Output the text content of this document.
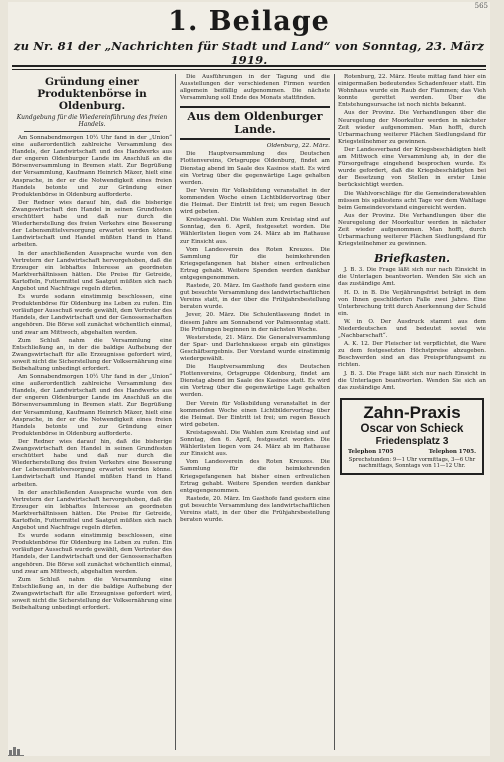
565
1. Beilage
zu Nr. 81 der „Nachrichten für Stadt und Land“ von Sonntag, 23. März 1919.
Gründung einer Produktenbörse in Oldenburg.
Kundgebung für die Wiedereinführung des freien Handels.

Am Sonnabendmorgen 10½ Uhr fand in der „Union“ eine außerordentlich zahlreiche Versammlung des Handels, der Landwirtschaft und des Handwerks aus der engeren Oldenburger Lande im Anschluß an die Börsenversammlung in Bremen statt. Zur Begrüßung der Versammlung, Kaufmann Heinrich Mäzer, hielt eine Ansprache, in der er die Notwendigkeit eines freien Handels betonte und zur Gründung einer Produktenbörse in Oldenburg aufforderte.

Der Redner wies darauf hin, daß die bisherige Zwangswirtschaft den Handel in seinen Grundfesten erschüttert habe und daß nur durch die Wiederherstellung des freien Verkehrs eine Besserung der Lebensmittelversorgung erwartet werden könne. Landwirtschaft und Handel müßten Hand in Hand arbeiten.

In der anschließenden Aussprache wurde von den Vertretern der Landwirtschaft hervorgehoben, daß die Erzeuger ein lebhaftes Interesse an geordneten Marktverhältnissen hätten. Die Preise für Getreide, Kartoffeln, Futtermittel und Saatgut müßten sich nach Angebot und Nachfrage regeln dürfen.

Es wurde sodann einstimmig beschlossen, eine Produktenbörse für Oldenburg ins Leben zu rufen. Ein vorläufiger Ausschuß wurde gewählt, dem Vertreter des Handels, der Landwirtschaft und der Genossenschaften angehören. Die Börse soll zunächst wöchentlich einmal, und zwar am Mittwoch, abgehalten werden.

Zum Schluß nahm die Versammlung eine Entschließung an, in der die baldige Aufhebung der Zwangswirtschaft für alle Erzeugnisse gefordert wird, soweit nicht die Sicherstellung der Volksernährung eine Beibehaltung unbedingt erfordert.

Am Sonnabendmorgen 10½ Uhr fand in der „Union“ eine außerordentlich zahlreiche Versammlung des Handels, der Landwirtschaft und des Handwerks aus der engeren Oldenburger Lande im Anschluß an die Börsenversammlung in Bremen statt. Zur Begrüßung der Versammlung, Kaufmann Heinrich Mäzer, hielt eine Ansprache, in der er die Notwendigkeit eines freien Handels betonte und zur Gründung einer Produktenbörse in Oldenburg aufforderte.

Der Redner wies darauf hin, daß die bisherige Zwangswirtschaft den Handel in seinen Grundfesten erschüttert habe und daß nur durch die Wiederherstellung des freien Verkehrs eine Besserung der Lebensmittelversorgung erwartet werden könne. Landwirtschaft und Handel müßten Hand in Hand arbeiten.

In der anschließenden Aussprache wurde von den Vertretern der Landwirtschaft hervorgehoben, daß die Erzeuger ein lebhaftes Interesse an geordneten Marktverhältnissen hätten. Die Preise für Getreide, Kartoffeln, Futtermittel und Saatgut müßten sich nach Angebot und Nachfrage regeln dürfen.

Es wurde sodann einstimmig beschlossen, eine Produktenbörse für Oldenburg ins Leben zu rufen. Ein vorläufiger Ausschuß wurde gewählt, dem Vertreter des Handels, der Landwirtschaft und der Genossenschaften angehören. Die Börse soll zunächst wöchentlich einmal, und zwar am Mittwoch, abgehalten werden.

Zum Schluß nahm die Versammlung eine Entschließung an, in der die baldige Aufhebung der Zwangswirtschaft für alle Erzeugnisse gefordert wird, soweit nicht die Sicherstellung der Volksernährung eine Beibehaltung unbedingt erfordert.

Die Ausführungen in der Tagung und die Ausstellungen der verschiedenen Firmen wurden allgemein beifällig aufgenommen. Die nächste Versammlung soll Ende des Monats stattfinden.

Aus dem Oldenburger Lande.
Oldenburg, 22. März.

Die Hauptversammlung des Deutschen Flottenvereins, Ortsgruppe Oldenburg, findet am Dienstag abend im Saale des Kasinos statt. Es wird ein Vortrag über die gegenwärtige Lage gehalten werden.

Der Verein für Volksbildung veranstaltet in der kommenden Woche einen Lichtbildervortrag über die Heimat. Der Eintritt ist frei; um regen Besuch wird gebeten.

Kreistagswahl. Die Wahlen zum Kreistag sind auf Sonntag, den 6. April, festgesetzt worden. Die Wählerlisten liegen vom 24. März ab im Rathause zur Einsicht aus.

Vom Landesverein des Roten Kreuzes. Die Sammlung für die heimkehrenden Kriegsgefangenen hat bisher einen erfreulichen Ertrag gehabt. Weitere Spenden werden dankbar entgegengenommen.

Rastede, 20. März. Im Gasthofe fand gestern eine gut besuchte Versammlung des landwirtschaftlichen Vereins statt, in der über die Frühjahrsbestellung beraten wurde.

Jever, 20. März. Die Schulentlassung findet in diesem Jahre am Sonnabend vor Palmsonntag statt. Die Prüfungen beginnen in der nächsten Woche.

Westerstede, 21. März. Die Generalversammlung der Spar- und Darlehnskasse ergab ein günstiges Geschäftsergebnis. Der Vorstand wurde einstimmig wiedergewählt.

Die Hauptversammlung des Deutschen Flottenvereins, Ortsgruppe Oldenburg, findet am Dienstag abend im Saale des Kasinos statt. Es wird ein Vortrag über die gegenwärtige Lage gehalten werden.

Der Verein für Volksbildung veranstaltet in der kommenden Woche einen Lichtbildervortrag über die Heimat. Der Eintritt ist frei; um regen Besuch wird gebeten.

Kreistagswahl. Die Wahlen zum Kreistag sind auf Sonntag, den 6. April, festgesetzt worden. Die Wählerlisten liegen vom 24. März ab im Rathause zur Einsicht aus.

Vom Landesverein des Roten Kreuzes. Die Sammlung für die heimkehrenden Kriegsgefangenen hat bisher einen erfreulichen Ertrag gehabt. Weitere Spenden werden dankbar entgegengenommen.

Rastede, 20. März. Im Gasthofe fand gestern eine gut besuchte Versammlung des landwirtschaftlichen Vereins statt, in der über die Frühjahrsbestellung beraten wurde.

Rotenburg, 22. März. Heute mittag fand hier ein einigermaßen bedeutendes Schadenfeuer statt. Ein Wohnhaus wurde ein Raub der Flammen; das Vieh konnte gerettet werden. Über die Entstehungsursache ist noch nichts bekannt.

Aus der Provinz. Die Verhandlungen über die Neuregelung der Moorkultur werden in nächster Zeit wieder aufgenommen. Man hofft, durch Urbarmachung weiterer Flächen Siedlungsland für Kriegsteilnehmer zu gewinnen.

Der Landesverband der Kriegsbeschädigten hielt am Mittwoch eine Versammlung ab, in der die Fürsorgefrage eingehend besprochen wurde. Es wurde gefordert, daß die Kriegsbeschädigten bei der Besetzung von Stellen in erster Linie berücksichtigt werden.

Die Wahlvorschläge für die Gemeinderatswahlen müssen bis spätestens acht Tage vor dem Wahltage beim Gemeindevorstand eingereicht werden.

Aus der Provinz. Die Verhandlungen über die Neuregelung der Moorkultur werden in nächster Zeit wieder aufgenommen. Man hofft, durch Urbarmachung weiterer Flächen Siedlungsland für Kriegsteilnehmer zu gewinnen.

Briefkasten.

J. B. 3. Die Frage läßt sich nur nach Einsicht in die Unterlagen beantworten. Wenden Sie sich an das zuständige Amt.

H. D. in B. Die Verjährungsfrist beträgt in dem von Ihnen geschilderten Falle zwei Jahre. Eine Unterbrechung tritt durch Anerkennung der Schuld ein.

W. in O. Der Ausdruck stammt aus dem Niederdeutschen und bedeutet soviel wie „Nachbarschaft“.

A. K. 12. Der Fleischer ist verpflichtet, die Ware zu dem festgesetzten Höchstpreise abzugeben. Beschwerden sind an das Preisprüfungsamt zu richten.

J. B. 3. Die Frage läßt sich nur nach Einsicht in die Unterlagen beantworten. Wenden Sie sich an das zuständige Amt.

Zahn-Praxis
Oscar von Schieck
Friedensplatz 3
Telephon 1705	Telephon 1705.
Sprechstunden: 9—1 Uhr vormittags, 3—6 Uhr nachmittags, Sonntags von 11—12 Uhr.
